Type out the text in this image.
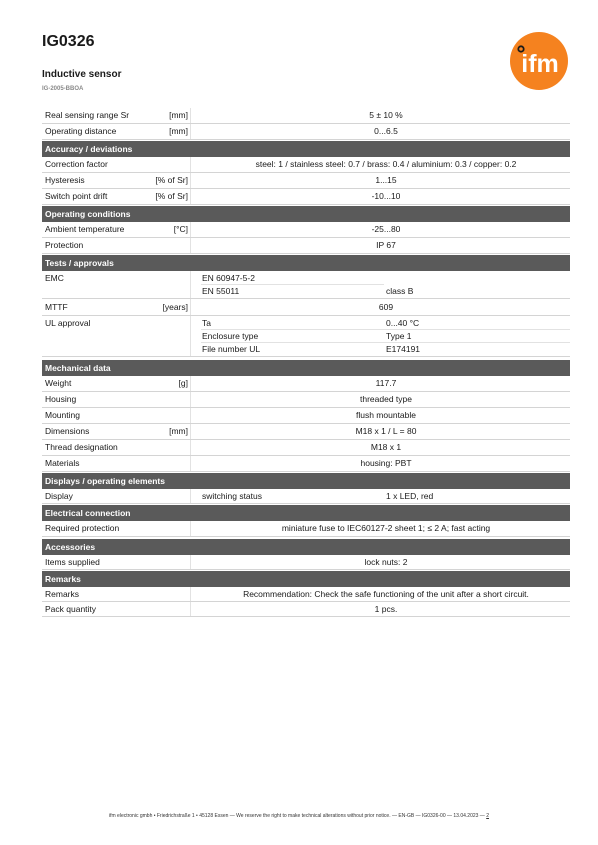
IG0326
Inductive sensor
IG-2005-BBOA
ifm
Real sensing range Sr	[mm]	5 ± 10 %
Operating distance	[mm]	0...6.5
Accuracy / deviations
Correction factor	steel: 1 / stainless steel: 0.7 / brass: 0.4 / aluminium: 0.3 / copper: 0.2
Hysteresis	[% of Sr]	1...15
Switch point drift	[% of Sr]	-10...10
Operating conditions
Ambient temperature	[°C]	-25...80
Protection	IP 67
Tests / approvals
EMC	EN 60947-5-2
EN 55011	class B
MTTF	[years]	609
UL approval	Ta	0...40 °C
Enclosure type	Type 1
File number UL	E174191
Mechanical data
Weight	[g]	117.7
Housing	threaded type
Mounting	flush mountable
Dimensions	[mm]	M18 x 1 / L = 80
Thread designation	M18 x 1
Materials	housing: PBT
Displays / operating elements
Display	switching status	1 x LED, red
Electrical connection
Required protection	miniature fuse to IEC60127-2 sheet 1; ≤ 2 A; fast acting
Accessories
Items supplied	lock nuts: 2
Remarks
Remarks	Recommendation: Check the safe functioning of the unit after a short circuit.
Pack quantity	1 pcs.
ifm electronic gmbh • Friedrichstraße 1 • 45128 Essen — We reserve the right to make technical alterations without prior notice. — EN-GB — IG0326-00 — 13.04.2023 — 2
